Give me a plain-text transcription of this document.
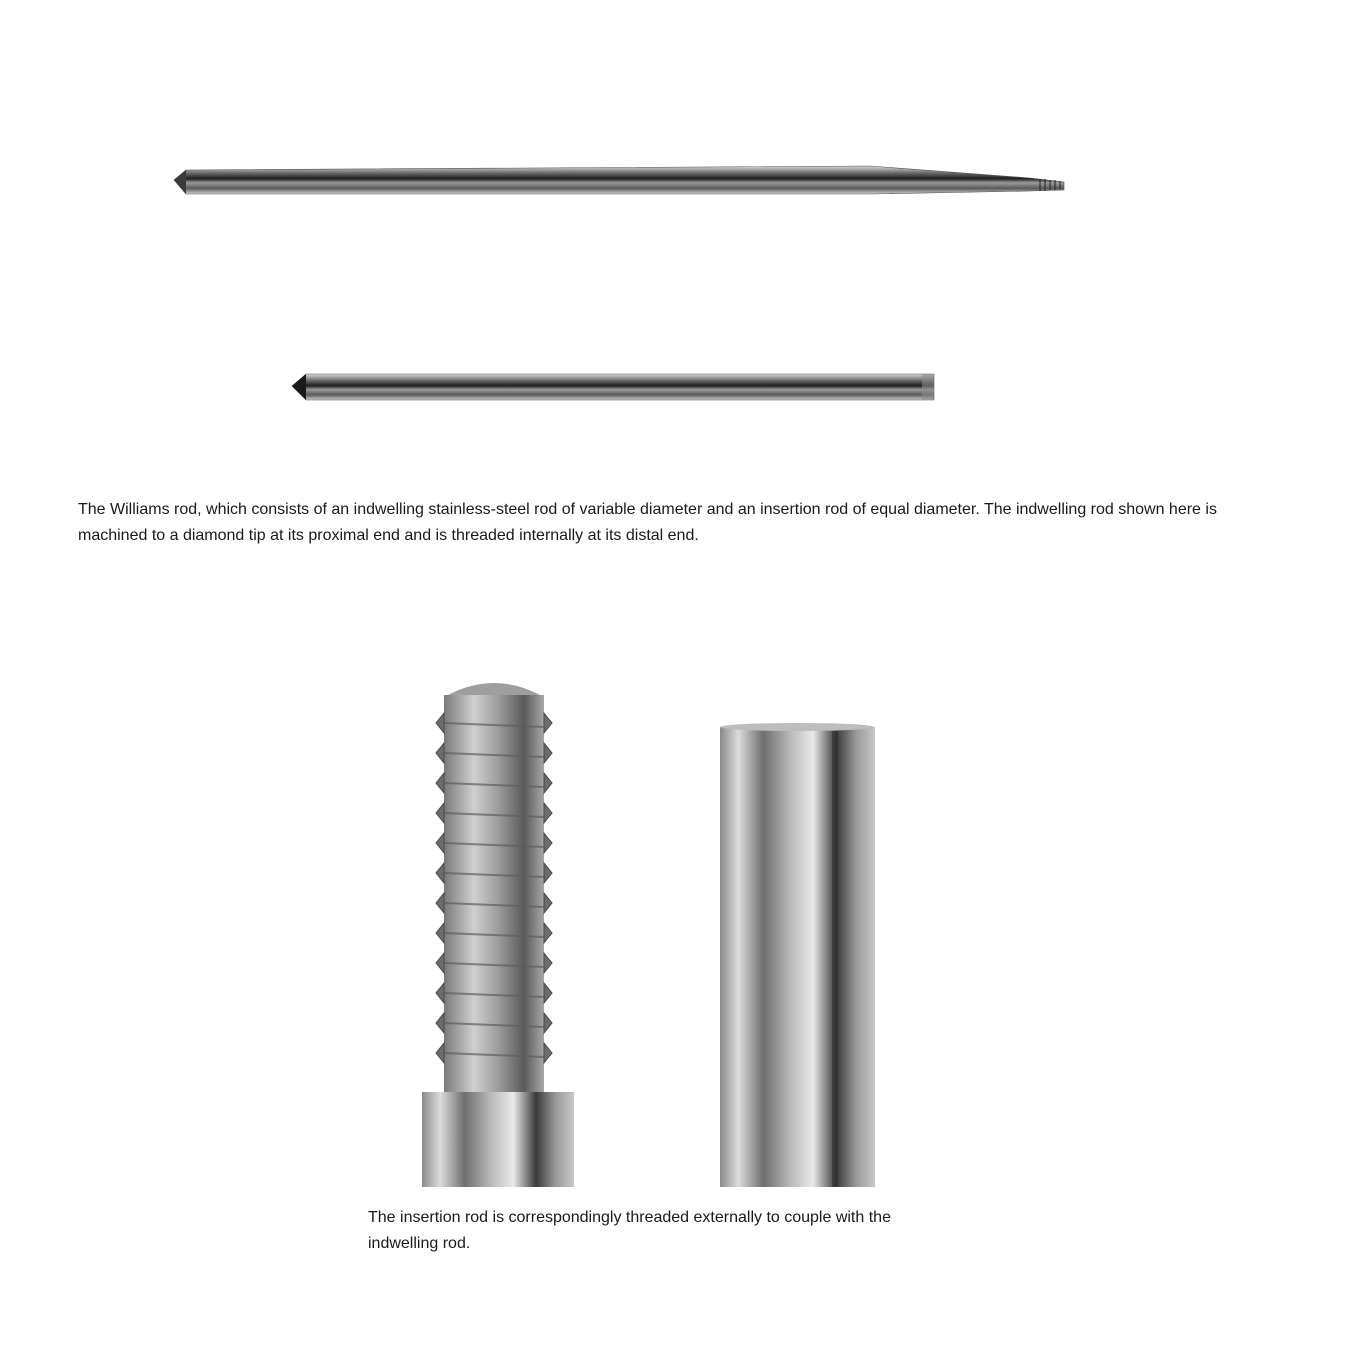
The Williams rod, which consists of an indwelling stainless-steel rod of variable diameter and an insertion rod of equal diameter. The indwelling rod shown here is machined to a diamond tip at its proximal end and is threaded internally at its distal end.

The insertion rod is correspondingly threaded externally to couple with the indwelling rod.
